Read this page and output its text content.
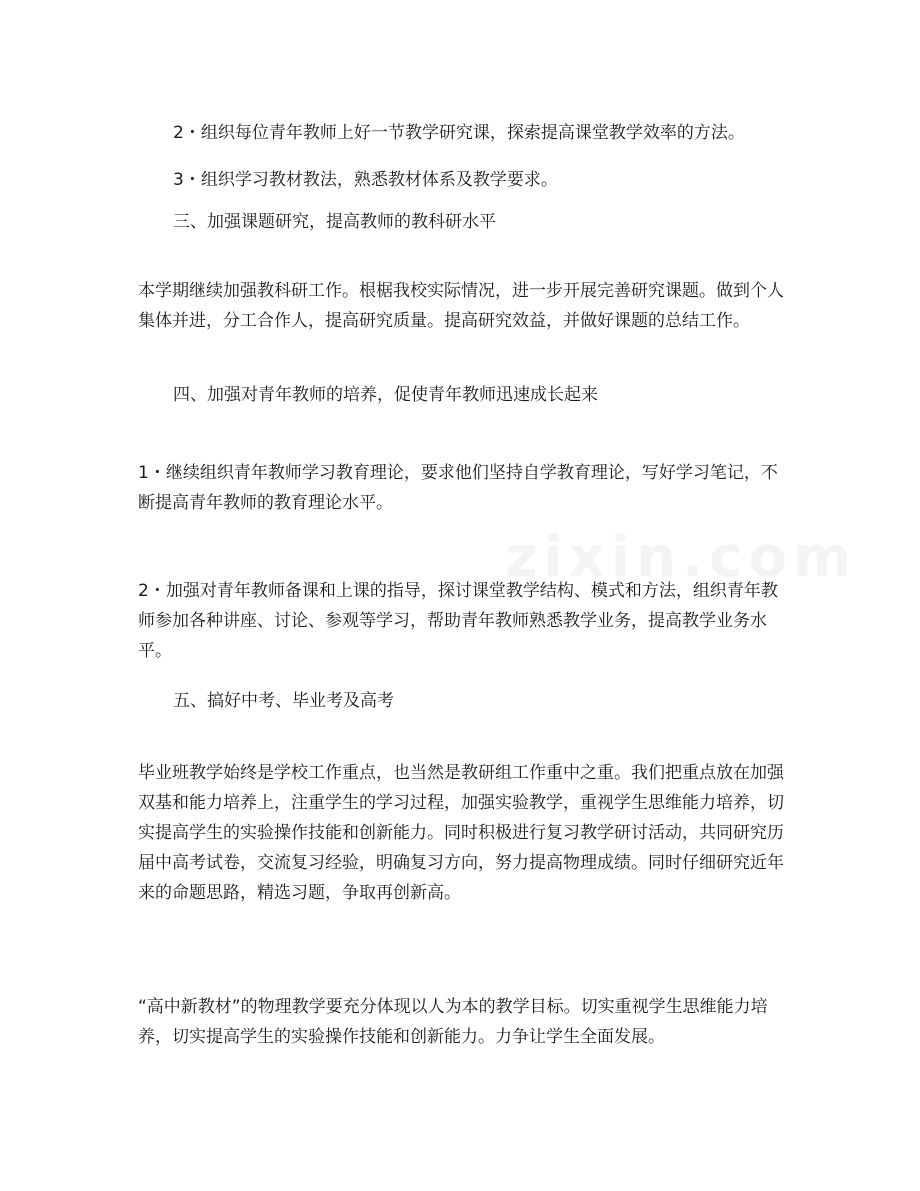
2・组织每位青年教师上好一节教学研究课，探索提高课堂教学效率的方法。

3・组织学习教材教法，熟悉教材体系及教学要求。

三、加强课题研究，提高教师的教科研水平

本学期继续加强教科研工作。根椐我校实际情况，进一步开展完善研究课题。做到个人集体并进，分工合作人，提高研究质量。提高研究效益，并做好课题的总结工作。

四、加强对青年教师的培养，促使青年教师迅速成长起来

1・继续组织青年教师学习教育理论，要求他们坚持自学教育理论，写好学习笔记，不断提高青年教师的教育理论水平。

2・加强对青年教师备课和上课的指导，探讨课堂教学结构、模式和方法，组织青年教师参加各种讲座、讨论、参观等学习，帮助青年教师熟悉教学业务，提高教学业务水平。

五、搞好中考、毕业考及高考

毕业班教学始终是学校工作重点，也当然是教研组工作重中之重。我们把重点放在加强双基和能力培养上，注重学生的学习过程，加强实验教学，重视学生思维能力培养，切实提高学生的实验操作技能和创新能力。同时积极进行复习教学研讨活动，共同研究历届中高考试卷，交流复习经验，明确复习方向，努力提高物理成绩。同时仔细研究近年来的命题思路，精选习题，争取再创新高。

“高中新教材”的物理教学要充分体现以人为本的教学目标。切实重视学生思维能力培养，切实提高学生的实验操作技能和创新能力。力争让学生全面发展。
